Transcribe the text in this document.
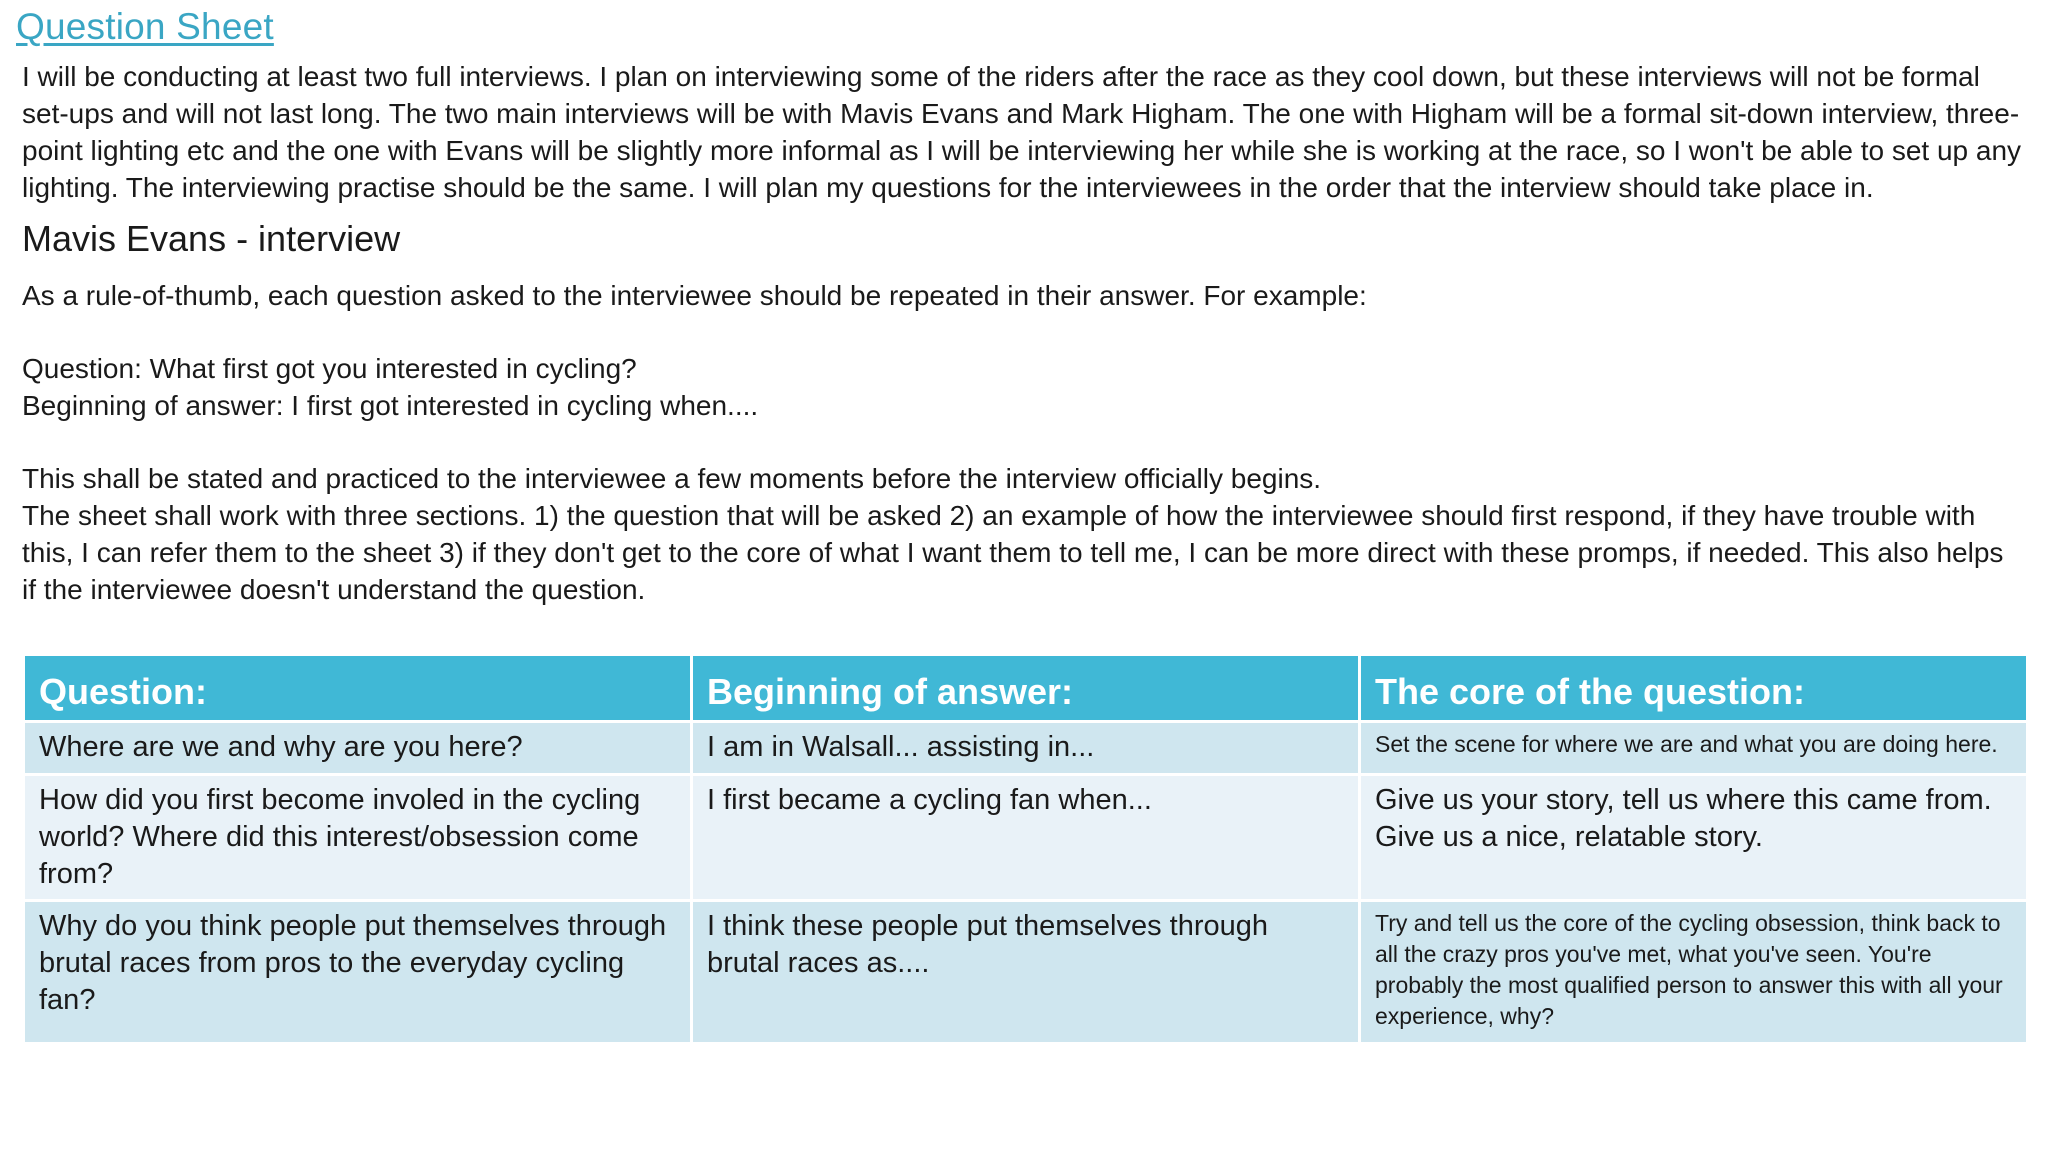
Question Sheet

I will be conducting at least two full interviews. I plan on interviewing some of the riders after the race as they cool down, but these interviews will not be formal set-ups and will not last long. The two main interviews will be with Mavis Evans and Mark Higham. The one with Higham will be a formal sit-down interview, three-point lighting etc and the one with Evans will be slightly more informal as I will be interviewing her while she is working at the race, so I won't be able to set up any lighting. The interviewing practise should be the same. I will plan my questions for the interviewees in the order that the interview should take place in.

Mavis Evans - interview

As a rule-of-thumb, each question asked to the interviewee should be repeated in their answer. For example:

Question: What first got you interested in cycling?
Beginning of answer: I first got interested in cycling when....
This shall be stated and practiced to the interviewee a few moments before the interview officially begins.
The sheet shall work with three sections. 1) the question that will be asked 2) an example of how the interviewee should first respond, if they have trouble with this, I can refer them to the sheet 3) if they don't get to the core of what I want them to tell me, I can be more direct with these promps, if needed. This also helps if the interviewee doesn't understand the question.
Question:	Beginning of answer:	The core of the question:
Where are we and why are you here?	I am in Walsall... assisting in...	Set the scene for where we are and what you are doing here.
How did you first become involed in the cycling world? Where did this interest/obsession come from?	I first became a cycling fan when...	Give us your story, tell us where this came from. Give us a nice, relatable story.
Why do you think people put themselves through brutal races from pros to the everyday cycling fan?	I think these people put themselves through brutal races as....	Try and tell us the core of the cycling obsession, think back to all the crazy pros you've met, what you've seen. You're probably the most qualified person to answer this with all your experience, why?
